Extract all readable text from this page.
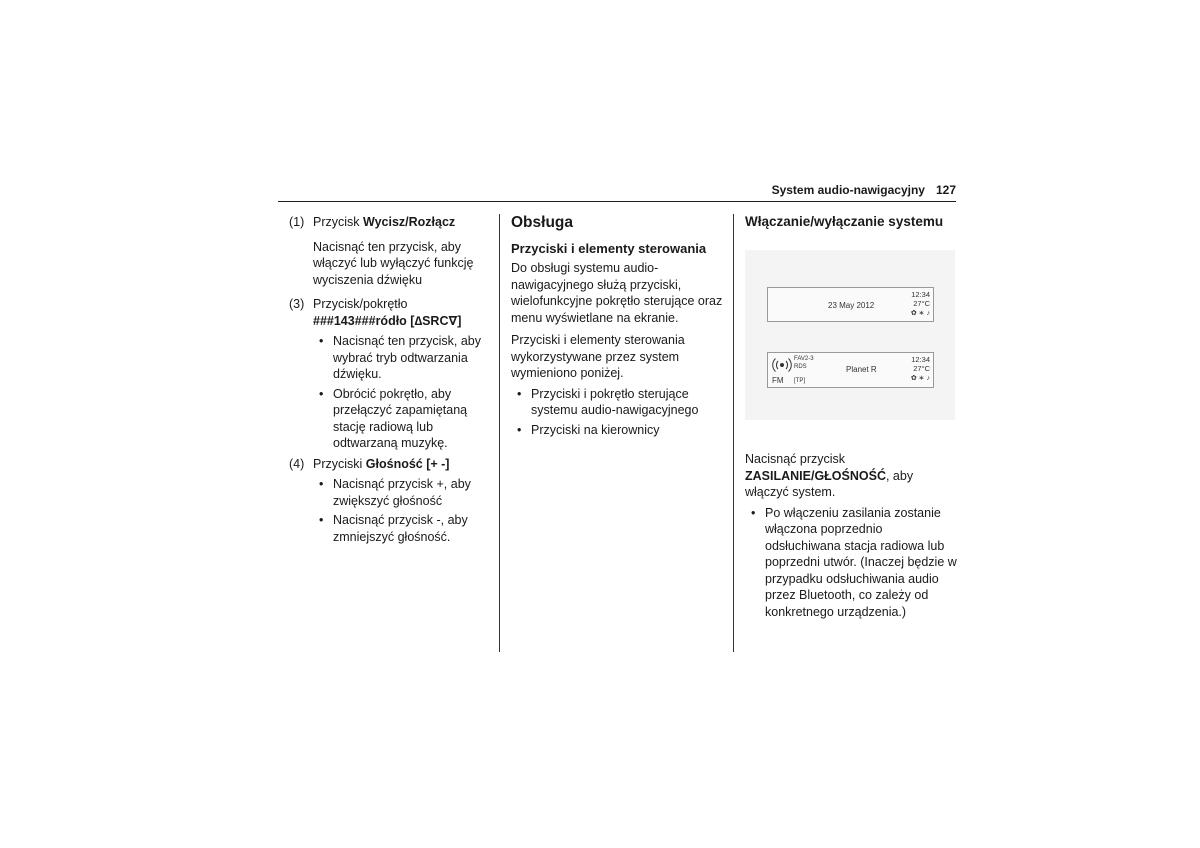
System audio-nawigacyjny 127
(1) Przycisk Wycisz/Rozłącz

Nacisnąć ten przycisk, aby włączyć lub wyłączyć funkcję wyciszenia dźwięku

(3) Przycisk/pokrętło

###143###ródło [∆SRC∇]

• Nacisnąć ten przycisk, aby wybrać tryb odtwarzania dźwięku.
• Obrócić pokrętło, aby przełączyć zapamiętaną stację radiową lub odtwarzaną muzykę.
(4) Przyciski Głośność [+ -]
• Nacisnąć przycisk +, aby zwiększyć głośność
• Nacisnąć przycisk -, aby zmniejszyć głośność.
Obsługa
Przyciski i elementy sterowania

Do obsługi systemu audio-nawigacyjnego służą przyciski, wielofunkcyjne pokrętło sterujące oraz menu wyświetlane na ekranie.

Przyciski i elementy sterowania wykorzystywane przez system wymieniono poniżej.

• Przyciski i pokrętło sterujące systemu audio-nawigacyjnego
• Przyciski na kierownicy
Włączanie/wyłączanie systemu
23 May 2012
12:34
27°C
✿ ∗ ♪
FM
FAV2-3
RDS
[TP]
Planet R
12:34
27°C
✿ ∗ ♪

Nacisnąć przycisk ZASILANIE/GŁOŚNOŚĆ, aby włączyć system.

• Po włączeniu zasilania zostanie włączona poprzednio odsłuchiwana stacja radiowa lub poprzedni utwór. (Inaczej będzie w przypadku odsłuchiwania audio przez Bluetooth, co zależy od konkretnego urządzenia.)
